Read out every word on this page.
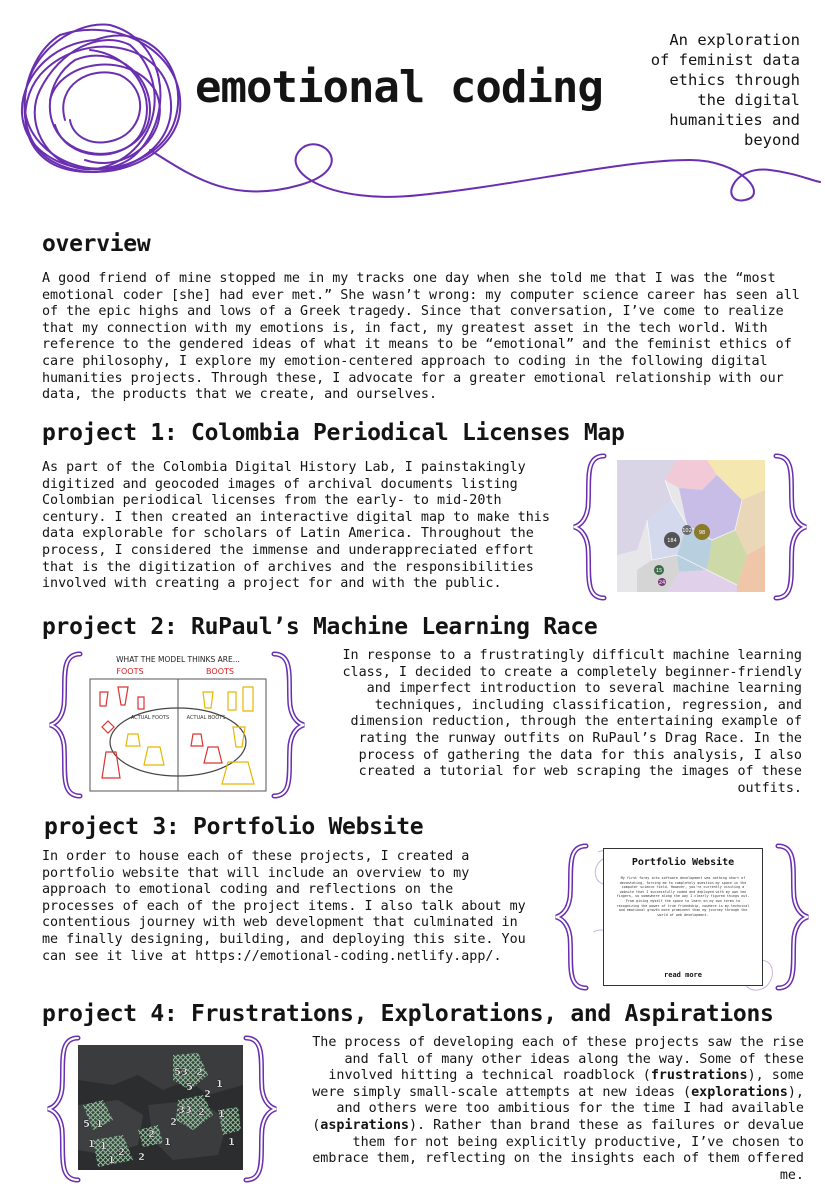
emotional coding
An exploration
of feminist data
ethics through
the digital
humanities and
beyond
overview

A good friend of mine stopped me in my tracks one day when she told me that I was the “most emotional coder [she] had ever met.” She wasn’t wrong: my computer science career has seen all of the epic highs and lows of a Greek tragedy. Since that conversation, I’ve come to realize that my connection with my emotions is, in fact, my greatest asset in the tech world. With reference to the gendered ideas of what it means to be “emotional” and the feminist ethics of care philosophy, I explore my emotion-centered approach to coding in the following digital humanities projects. Through these, I advocate for a greater emotional relationship with our data, the products that we create, and ourselves.

project 1: Colombia Periodical Licenses Map

As part of the Colombia Digital History Lab, I painstakingly digitized and geocoded images of archival documents listing Colombian periodical licenses from the early- to mid-20th century. I then created an interactive digital map to make this data explorable for scholars of Latin America. Throughout the process, I considered the immense and underappreciated effort that is the digitization of archives and the responsibilities involved with creating a project for and with the public.

184
98
102
15
24
project 2: RuPaul’s Machine Learning Race
WHAT THE MODEL THINKS ARE...
FOOTS	BOOTS
ACTUAL FOOTS	ACTUAL BOOTS

In response to a frustratingly difficult machine learning class, I decided to create a completely beginner-friendly and imperfect introduction to several machine learning techniques, including classification, regression, and dimension reduction, through the entertaining example of rating the runway outfits on RuPaul’s Drag Race. In the process of gathering the data for this analysis, I also created a tutorial for web scraping the images of these outfits.

project 3: Portfolio Website

In order to house each of these projects, I created a portfolio website that will include an overview to my approach to emotional coding and reflections on the processes of each of the project items. I also talk about my contentious journey with web development that culminated in me finally designing, building, and deploying this site. You can see it live at https://emotional-coding.netlify.app/.

Portfolio Website
My first foray into software development was nothing short of devastating, forcing me to completely question my space in the computer science field. However, you're currently visiting a website that I successfully coded and deployed with my own ten fingers, so somewhere along the way I clearly figured things out. From giving myself the space to learn on my own terms to recognizing the power of true friendship, nowhere is my technical and emotional growth more prominent than my journey through the world of web development.
read more
project 4: Frustrations, Explorations, and Aspirations
53 2
5 1
2
33
2
2 1
5 1
1 1
2
2
1
2
1
1

The process of developing each of these projects saw the rise and fall of many other ideas along the way. Some of these involved hitting a technical roadblock (frustrations), some were simply small-scale attempts at new ideas (explorations), and others were too ambitious for the time I had available (aspirations). Rather than brand these as failures or devalue them for not being explicitly productive, I’ve chosen to embrace them, reflecting on the insights each of them offered me.
